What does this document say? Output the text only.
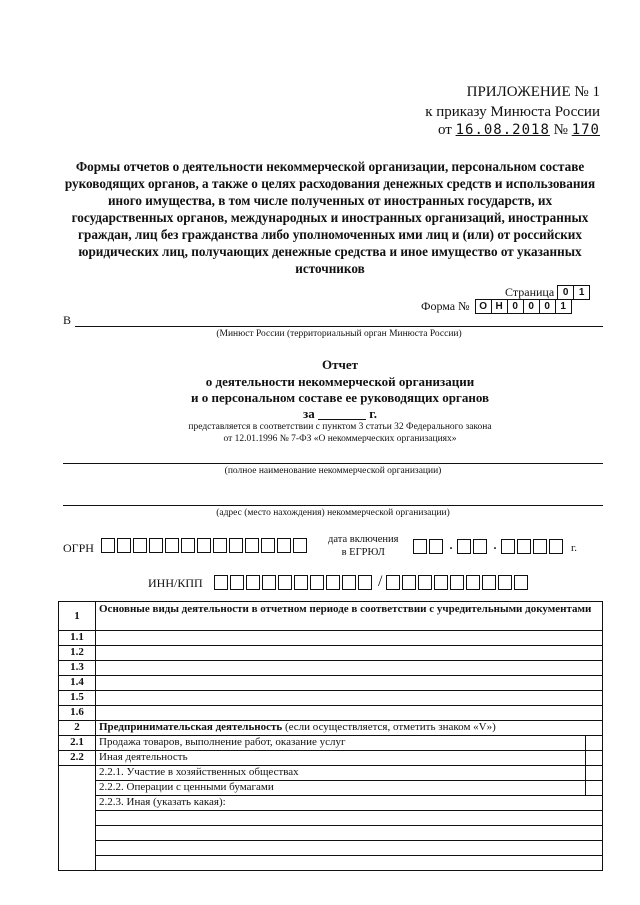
ПРИЛОЖЕНИЕ № 1
к приказу Минюста России
от 16.08.2018 № 170
Формы отчетов о деятельности некоммерческой организации, персональном составе руководящих органов, а также о целях расходования денежных средств и использования иного имущества, в том числе полученных от иностранных государств, их государственных органов, международных и иностранных организаций, иностранных граждан, лиц без гражданства либо уполномоченных ими лиц и (или) от российских юридических лиц, получающих денежные средства и иное имущество от указанных источников
Страница 0	1
Форма № О Н 0	0	0	1
В
(Минюст России (территориальный орган Минюста России)
Отчет
о деятельности некоммерческой организации
и о персональном составе ее руководящих органов
за	г.
представляется в соответствии с пунктом 3 статьи 32 Федерального закона
от 12.01.1996 № 7-ФЗ «О некоммерческих организациях»
(полное наименование некоммерческой организации)
(адрес (место нахождения) некоммерческой организации)
ОГРН
дата включения
в ЕГРЮЛ	.	.	г.
ИНН/КПП	/
1	Основные виды деятельности в отчетном периоде в соответствии с учредительными документами	
1.1		
1.2		
1.3		
1.4		
1.5		
1.6		
2	Предпринимательская деятельность (если осуществляется, отметить знаком «V»)	
2.1	Продажа товаров, выполнение работ, оказание услуг	
2.2	Иная деятельность	
	2.2.1. Участие в хозяйственных обществах	
	2.2.2. Операции с ценными бумагами	
	2.2.3. Иная (указать какая):	
